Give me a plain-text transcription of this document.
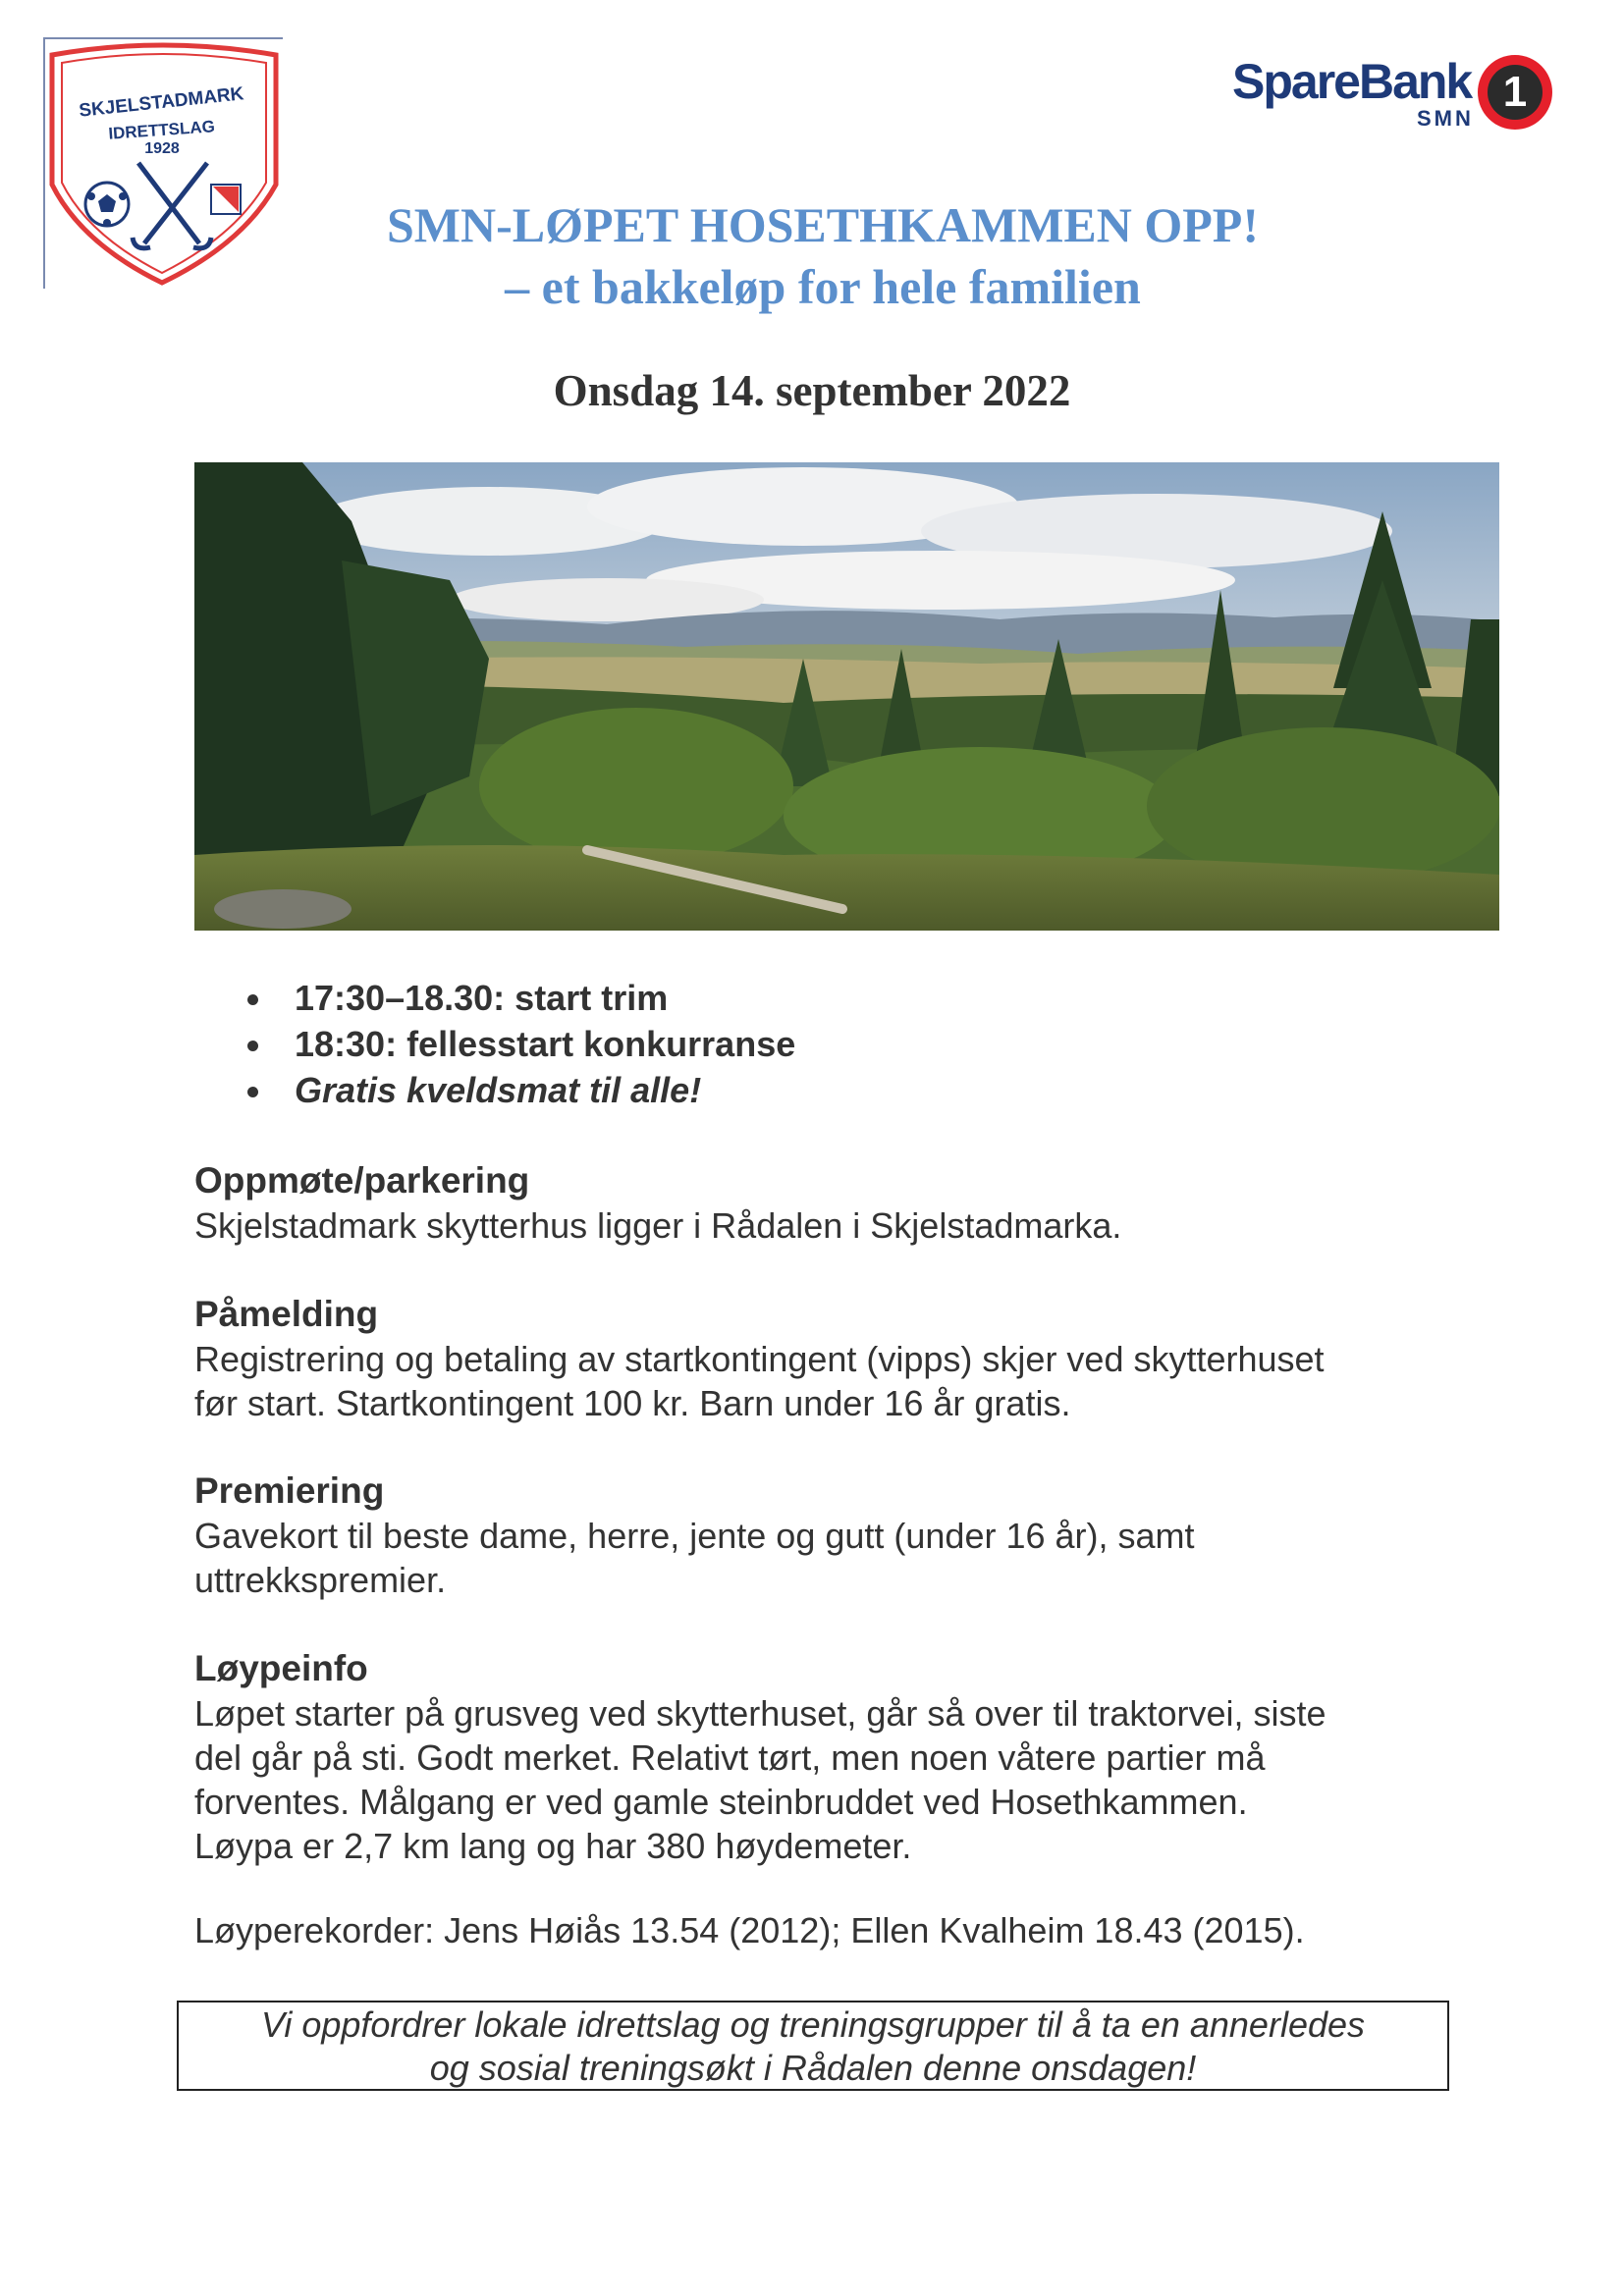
SKJELSTADMARK
IDRETTSLAG
1928
SpareBank
SMN
1
SMN-LØPET HOSETHKAMMEN OPP!
– et bakkeløp for hele familien
Onsdag 14. september 2022
17:30–18.30: start trim
18:30: fellesstart konkurranse
Gratis kveldsmat til alle!
Oppmøte/parkering

Skjelstadmark skytterhus ligger i Rådalen i Skjelstadmarka.

Påmelding

Registrering og betaling av startkontingent (vipps) skjer ved skytterhuset

før start. Startkontingent 100 kr. Barn under 16 år gratis.

Premiering

Gavekort til beste dame, herre, jente og gutt (under 16 år), samt

uttrekkspremier.

Løypeinfo

Løpet starter på grusveg ved skytterhuset, går så over til traktorvei, siste

del går på sti. Godt merket. Relativt tørt, men noen våtere partier må

forventes. Målgang er ved gamle steinbruddet ved Hosethkammen.

Løypa er 2,7 km lang og har 380 høydemeter.

Løyperekorder: Jens Høiås 13.54 (2012); Ellen Kvalheim 18.43 (2015).
Vi oppfordrer lokale idrettslag og treningsgrupper til å ta en annerledes
og sosial treningsøkt i Rådalen denne onsdagen!
